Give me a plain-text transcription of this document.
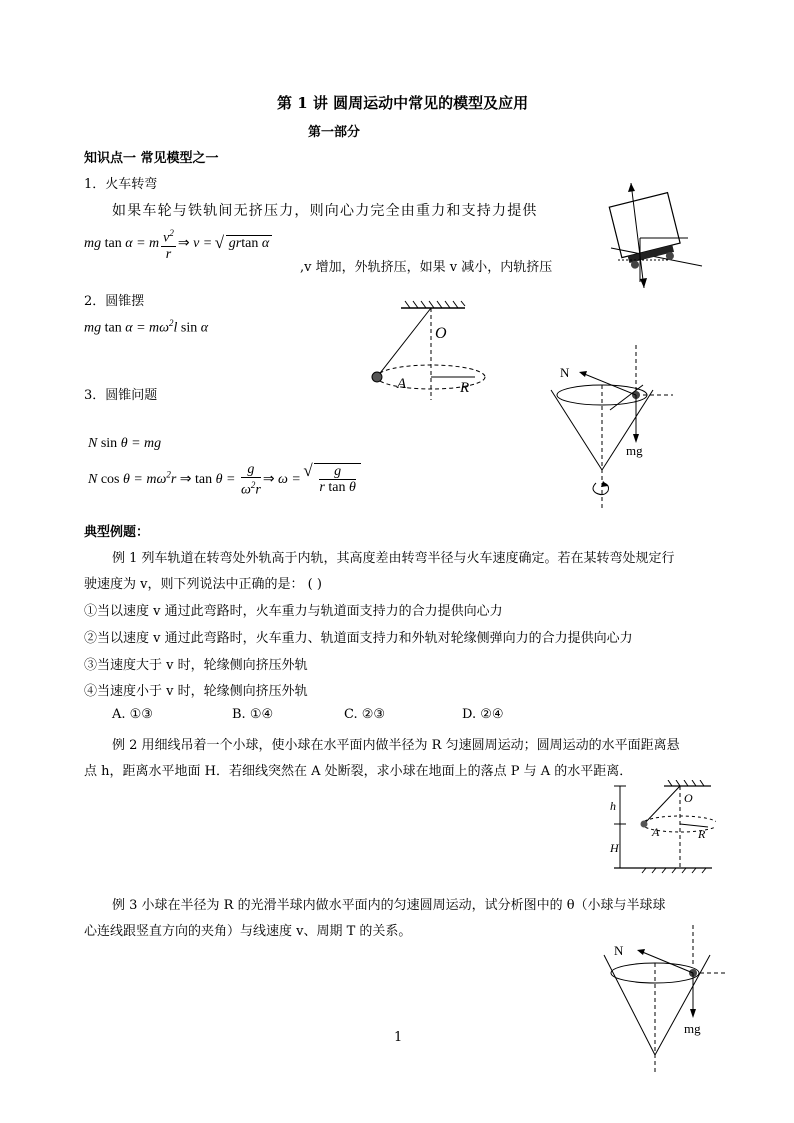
第 1 讲 圆周运动中常见的模型及应用
第一部分
知识点一 常见模型之一
1．火车转弯
如果车轮与铁轨间无挤压力，则向心力完全由重力和支持力提供
mg tan α = m $\frac{v^2}{r}$ ⇒ v = √ grtan α
,v 增加，外轨挤压，如果 v 减小，内轨挤压
2．圆锥摆
mg $\tan \alpha = m\omega^2l$ sin α	O
A	R
3．圆锥问题
N sin θ = mg
N $\cos \theta = m\omega^2r$ ⇒ $\tan \theta = \frac{g}{\omega^2r}$ ⇒ ω =
√ $\frac{g}{\text{r tan θ}}$
N
mg
典型例题：
例 1 列车轨道在转弯处外轨高于内轨，其高度差由转弯半径与火车速度确定。若在某转弯处规定行
驶速度为 v，则下列说法中正确的是： ( )
①当以速度 v 通过此弯路时，火车重力与轨道面支持力的合力提供向心力
②当以速度 v 通过此弯路时，火车重力、轨道面支持力和外轨对轮缘侧弹向力的合力提供向心力
③当速度大于 v 时，轮缘侧向挤压外轨
④当速度小于 v 时，轮缘侧向挤压外轨
A. ①③	B. ①④	C. ②③	D. ②④
例 2 用细线吊着一个小球，使小球在水平面内做半径为 R 匀速圆周运动；圆周运动的水平面距离悬
点 h，距离水平地面 H．若细线突然在 A 处断裂，求小球在地面上的落点 P 与 A 的水平距离．
h
H
O
A	R
例 3 小球在半径为 R 的光滑半球内做水平面内的匀速圆周运动，试分析图中的 θ（小球与半球球
心连线跟竖直方向的夹角）与线速度 v、周期 T 的关系。
N
mg
1
